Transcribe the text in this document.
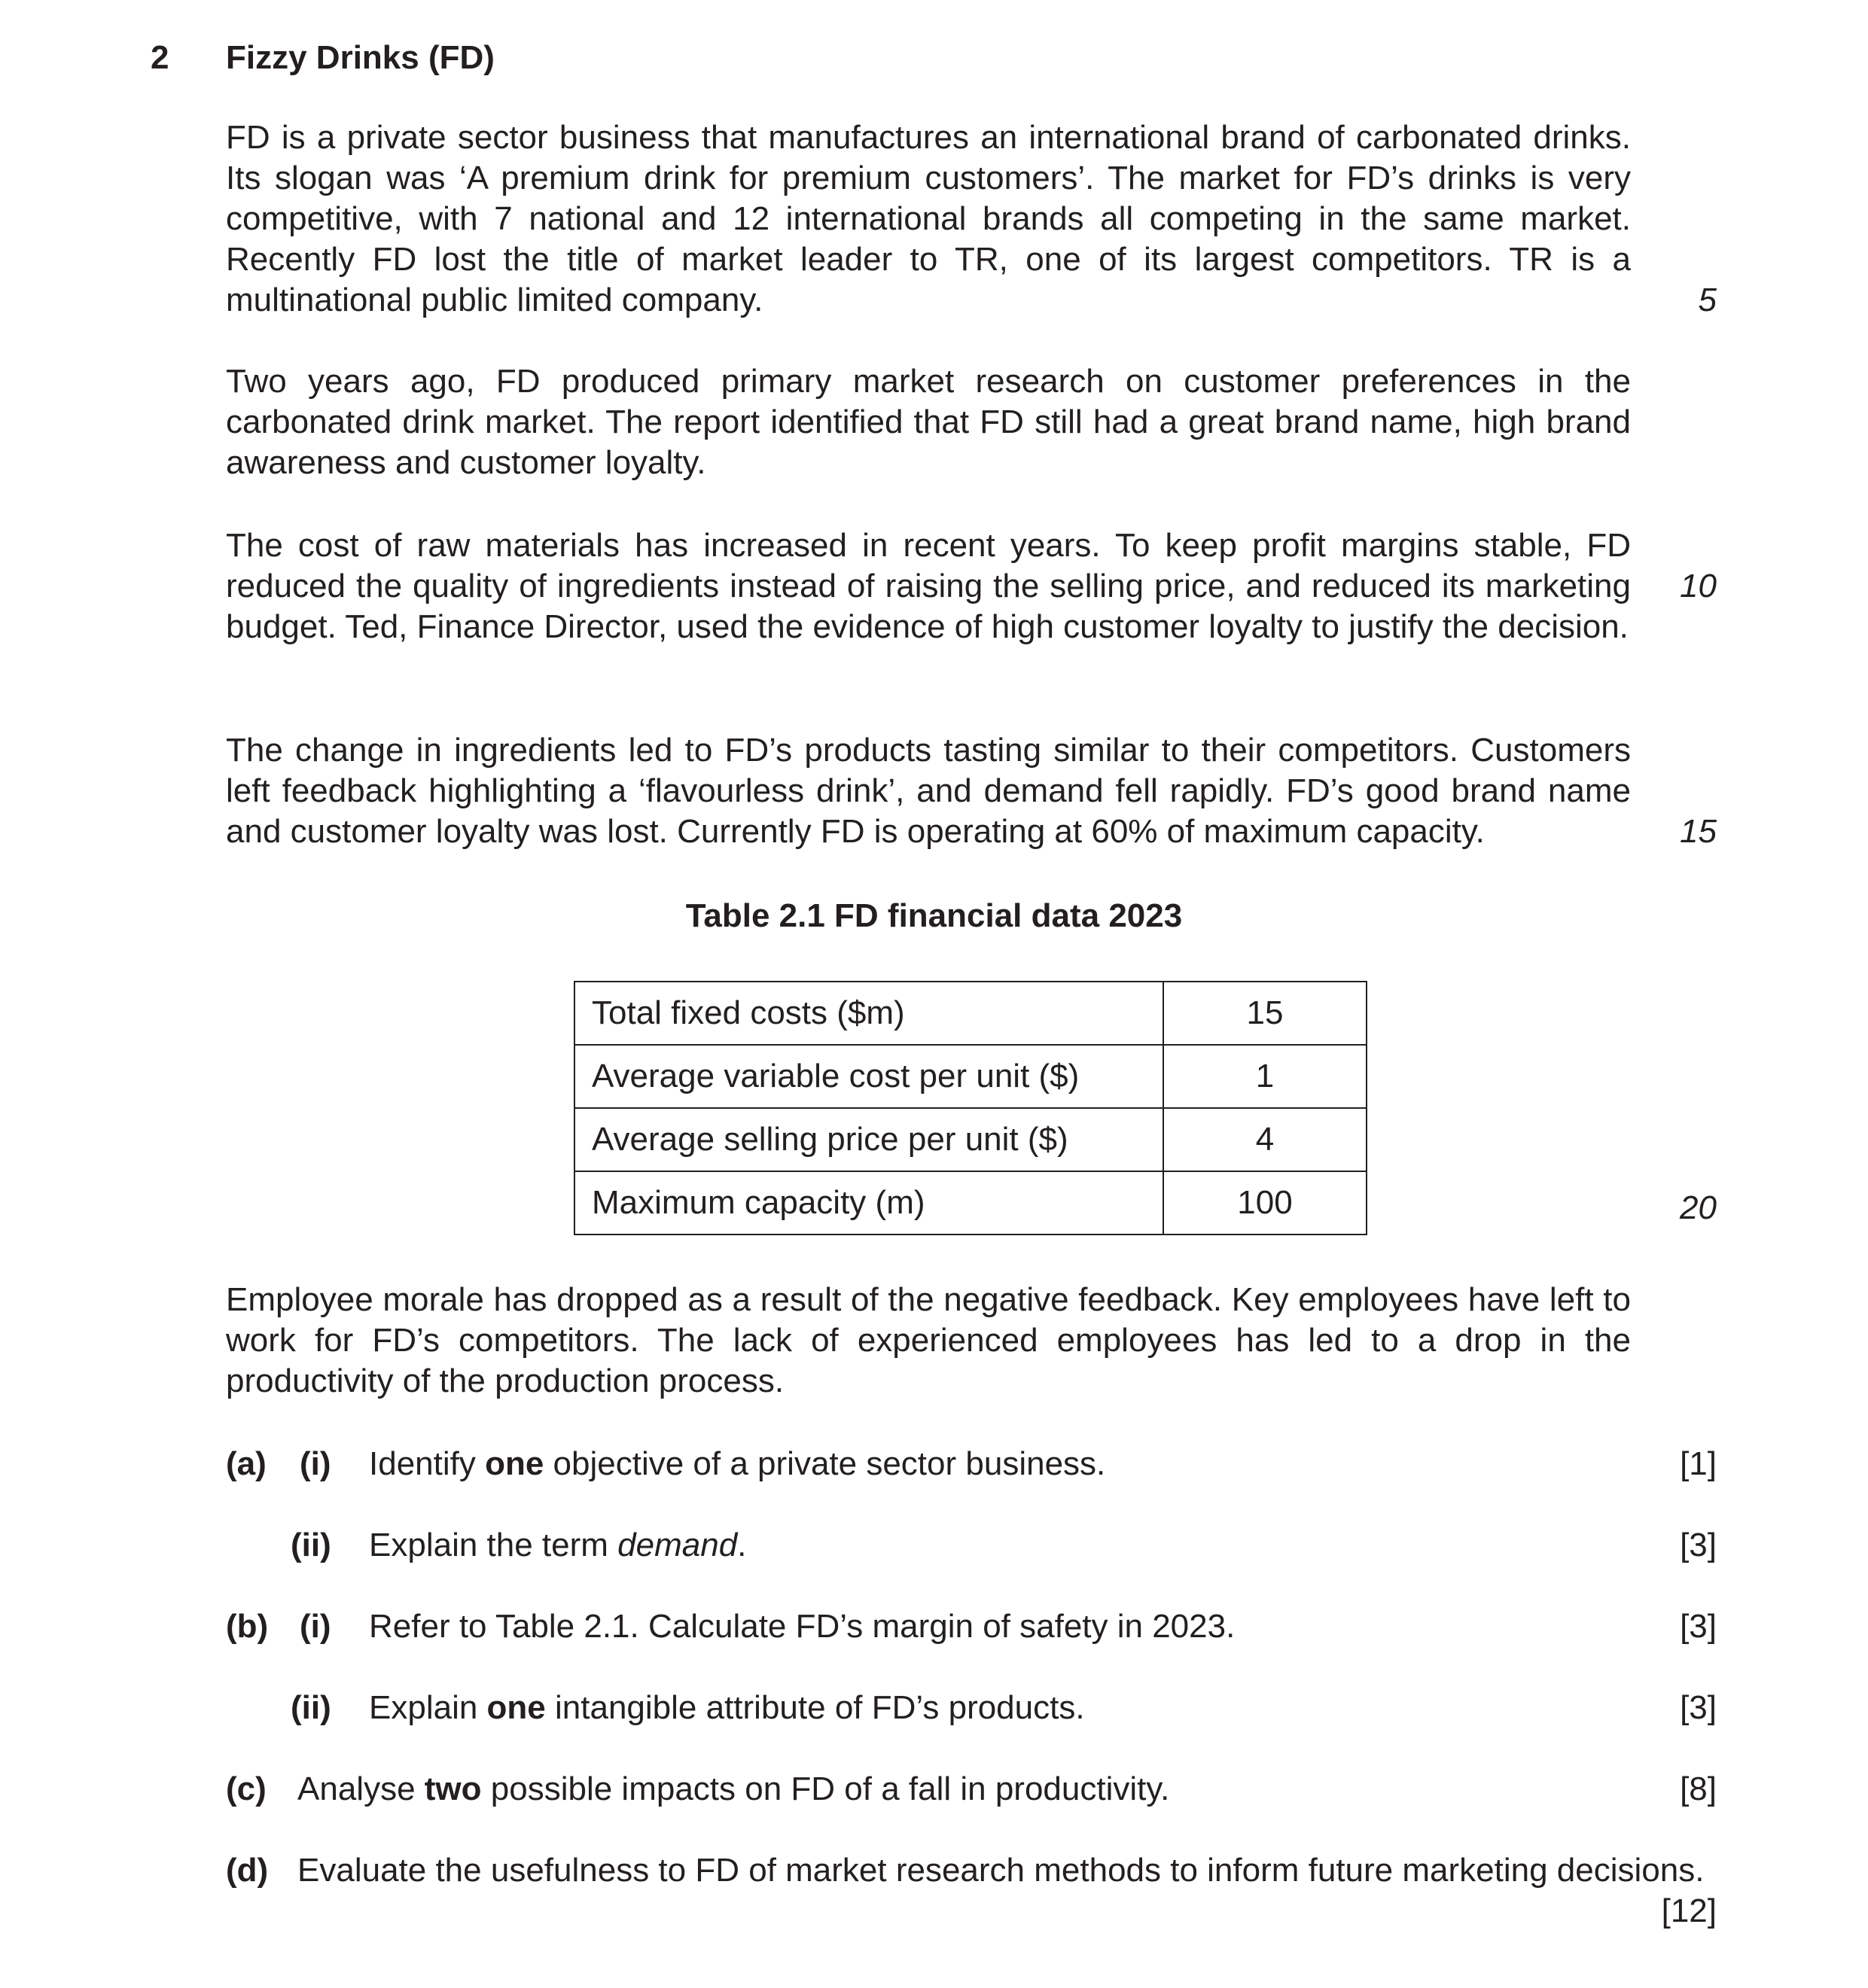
2 Fizzy Drinks (FD)

FD is a private sector business that manufactures an international brand of carbonated drinks. Its slogan was ‘A premium drink for premium customers’. The market for FD’s drinks is very competitive, with 7 national and 12 international brands all competing in the same market. Recently FD lost the title of market leader to TR, one of its largest competitors. TR is a multinational public limited company.	5

Two years ago, FD produced primary market research on customer preferences in the carbonated drink market. The report identified that FD still had a great brand name, high brand awareness and customer loyalty.

The cost of raw materials has increased in recent years. To keep profit margins stable, FD reduced the quality of ingredients instead of raising the selling price, and reduced its marketing budget. Ted, Finance Director, used the evidence of high customer loyalty to justify the decision.

10

The change in ingredients led to FD’s products tasting similar to their competitors. Customers left feedback highlighting a ‘flavourless drink’, and demand fell rapidly. FD’s good brand name and customer loyalty was lost. Currently FD is operating at 60% of maximum capacity.	15
Table 2.1 FD financial data 2023
Total fixed costs ($m)	15
Average variable cost per unit ($)	1
Average selling price per unit ($)	4
Maximum capacity (m)	100	20

Employee morale has dropped as a result of the negative feedback. Key employees have left to work for FD’s competitors. The lack of experienced employees has led to a drop in the productivity of the production process.

(a) (i) Identify one objective of a private sector business.	[1]
(ii) Explain the term demand.	[3]
(b) (i) Refer to Table 2.1. Calculate FD’s margin of safety in 2023.	[3]
(ii) Explain one intangible attribute of FD’s products.	[3]
(c) Analyse two possible impacts on FD of a fall in productivity.	[8]
(d) Evaluate the usefulness to FD of market research methods to inform future marketing decisions.
[12]
